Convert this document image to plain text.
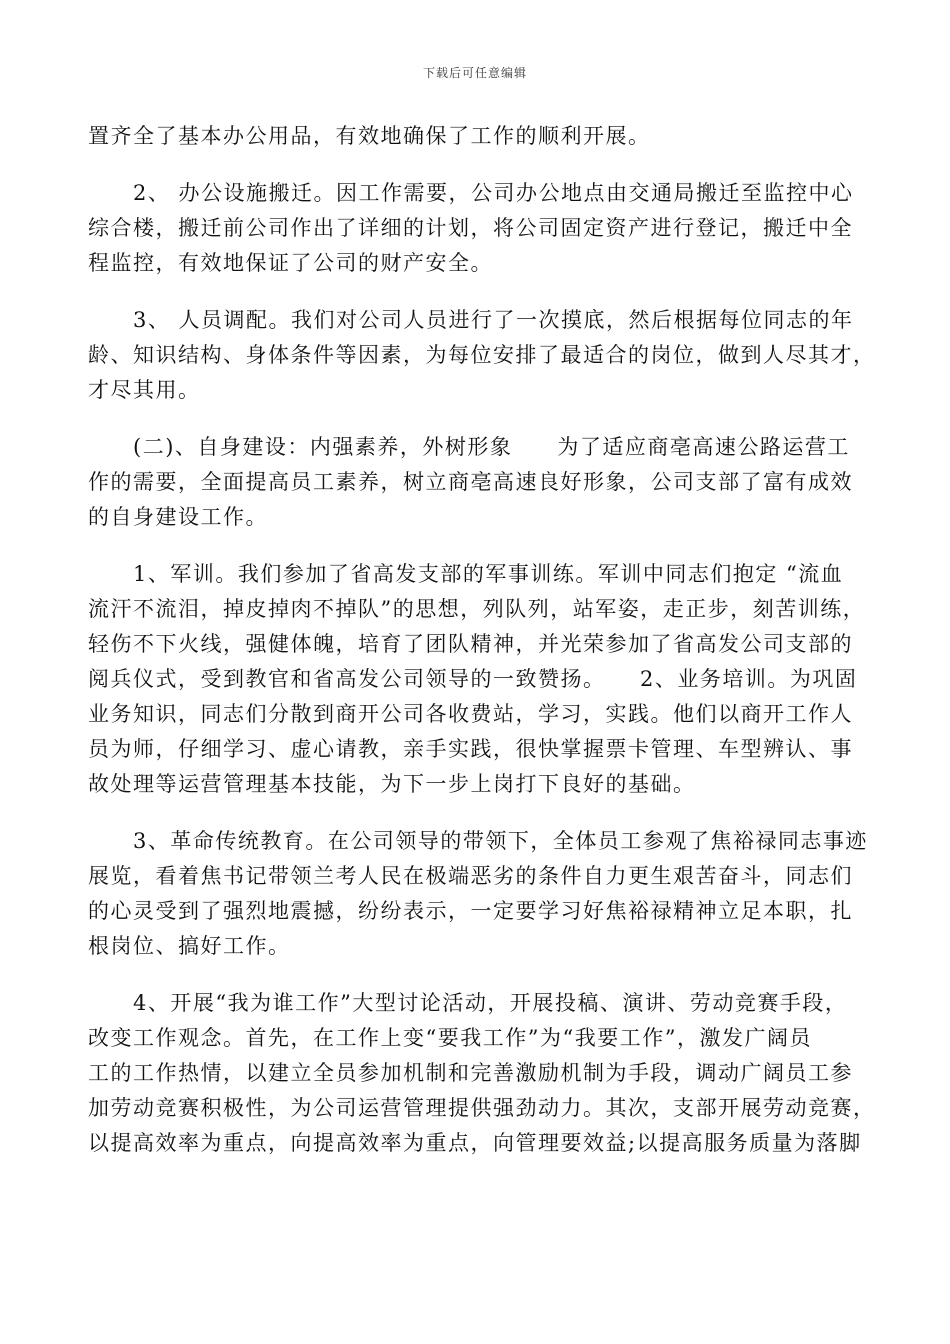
下载后可任意编辑

置齐全了基本办公用品，有效地确保了工作的顺利开展。

　　2、 办公设施搬迁。因工作需要，公司办公地点由交通局搬迁至监控中心
综合楼，搬迁前公司作出了详细的计划，将公司固定资产进行登记，搬迁中全
程监控，有效地保证了公司的财产安全。

　　3、 人员调配。我们对公司人员进行了一次摸底，然后根据每位同志的年
龄、知识结构、身体条件等因素，为每位安排了最适合的岗位，做到人尽其才，
才尽其用。

　　(二)、自身建设：内强素养，外树形象　　为了适应商亳高速公路运营工
作的需要，全面提高员工素养，树立商亳高速良好形象，公司支部了富有成效
的自身建设工作。

　　1、军训。我们参加了省高发支部的军事训练。军训中同志们抱定 “流血
流汗不流泪，掉皮掉肉不掉队”的思想，列队列，站军姿，走正步，刻苦训练，
轻伤不下火线，强健体魄，培育了团队精神，并光荣参加了省高发公司支部的
阅兵仪式，受到教官和省高发公司领导的一致赞扬。　　2、业务培训。为巩固
业务知识，同志们分散到商开公司各收费站，学习，实践。他们以商开工作人
员为师，仔细学习、虚心请教，亲手实践，很快掌握票卡管理、车型辨认、事
故处理等运营管理基本技能，为下一步上岗打下良好的基础。

　　3、革命传统教育。在公司领导的带领下，全体员工参观了焦裕禄同志事迹
展览，看着焦书记带领兰考人民在极端恶劣的条件自力更生艰苦奋斗，同志们
的心灵受到了强烈地震撼，纷纷表示，一定要学习好焦裕禄精神立足本职，扎
根岗位、搞好工作。

　　4、开展“我为谁工作”大型讨论活动，开展投稿、演讲、劳动竞赛手段，
改变工作观念。首先，在工作上变“要我工作”为“我要工作”，激发广阔员
工的工作热情，以建立全员参加机制和完善激励机制为手段，调动广阔员工参
加劳动竞赛积极性，为公司运营管理提供强劲动力。其次，支部开展劳动竞赛，
以提高效率为重点，向提高效率为重点，向管理要效益;以提高服务质量为落脚
